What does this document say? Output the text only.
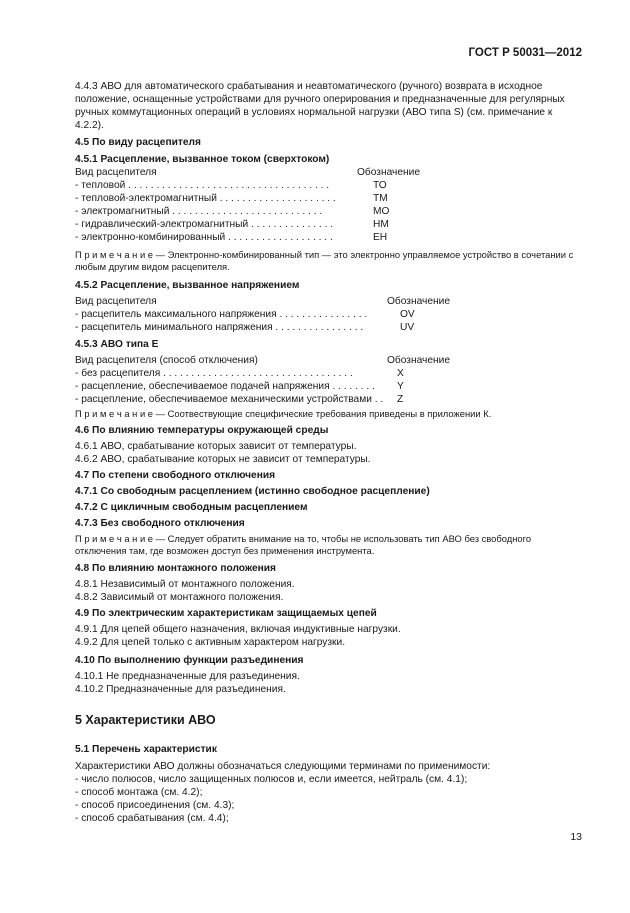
ГОСТ Р 50031—2012

4.4.3 АВО для автоматического срабатывания и неавтоматического (ручного) возврата в исходное положение, оснащенные устройствами для ручного оперирования и предназначенные для регулярных ручных коммутационных операций в условиях нормальной нагрузки (АВО типа S) (см. примечание к 4.2.2).

4.5 По виду расцепителя

4.5.1 Расцепление, вызванное током (сверхтоком)

Вид расцепителя	Обозначение
- тепловой . . . . . . . . . . . . . . . . . . . . . . . . . . . . . . . . . . . .	ТО
- тепловой-электромагнитный . . . . . . . . . . . . . . . . . . . . .	ТМ
- электромагнитный . . . . . . . . . . . . . . . . . . . . . . . . . . .	МО
- гидравлический-электромагнитный . . . . . . . . . . . . . . .	НМ
- электронно-комбинированный . . . . . . . . . . . . . . . . . . .	ЕН

П р и м е ч а н и е — Электронно-комбинированный тип — это электронно управляемое устройство в сочетании с любым другим видом расцепителя.

4.5.2 Расцепление, вызванное напряжением

Вид расцепителя	Обозначение
- расцепитель максимального напряжения . . . . . . . . . . . . . . . .	OV
- расцепитель минимального напряжения . . . . . . . . . . . . . . . .	UV

4.5.3 АВО типа Е

Вид расцепителя (способ отключения)	Обозначение
- без расцепителя . . . . . . . . . . . . . . . . . . . . . . . . . . . . . . . . . .	X
- расцепление, обеспечиваемое подачей напряжения . . . . . . . . Y
- расцепление, обеспечиваемое механическими устройствами . . Z

П р и м е ч а н и е — Соотвествующие специфические требования приведены в приложении К.

4.6 По влиянию температуры окружающей среды

4.6.1 АВО, срабатывание которых зависит от температуры.

4.6.2 АВО, срабатывание которых не зависит от температуры.

4.7 По степени свободного отключения

4.7.1 Со свободным расцеплением (истинно свободное расцепление)

4.7.2 С цикличным свободным расцеплением

4.7.3 Без свободного отключения

П р и м е ч а н и е — Следует обратить внимание на то, чтобы не использовать тип АВО без свободного отключения там, где возможен доступ без применения инструмента.

4.8 По влиянию монтажного положения

4.8.1 Независимый от монтажного положения.

4.8.2 Зависимый от монтажного положения.

4.9 По электрическим характеристикам защищаемых цепей

4.9.1 Для цепей общего назначения, включая индуктивные нагрузки.

4.9.2 Для цепей только с активным характером нагрузки.

4.10 По выполнению функции разъединения

4.10.1 Не предназначенные для разъединения.

4.10.2 Предназначенные для разъединения.

5 Характеристики АВО

5.1 Перечень характеристик

Характеристики АВО должны обозначаться следующими терминами по применимости:

- число полюсов, число защищенных полюсов и, если имеется, нейтраль (см. 4.1);

- способ монтажа (см. 4.2);

- способ присоединения (см. 4.3);

- способ срабатывания (см. 4.4);

13
